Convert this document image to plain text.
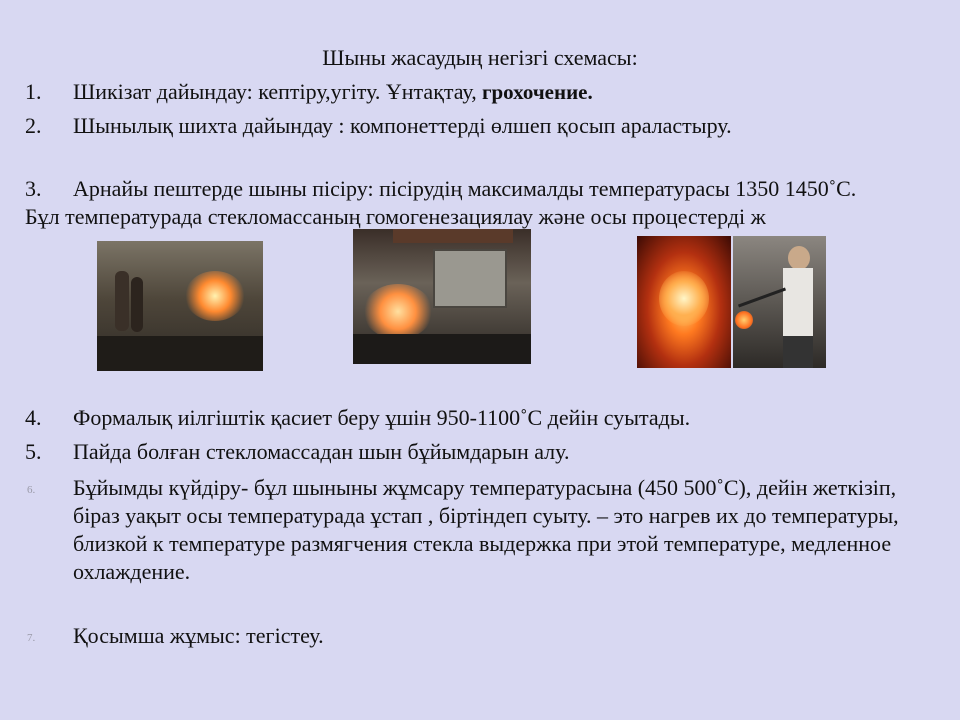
Шыны жасаудың негізгі схемасы:
1. Шикізат дайындау: кептіру,угіту. Ұнтақтау, грохочение.
2.	Шынылық шихта дайындау : компонеттерді өлшеп қосып араластыру.
3.	Арнайы пештерде шыны пісіру: пісірудің максималды температурасы 1350 1450˚С. Бұл температурада стекломассаның гомогенезациялау және осы процестерді ж
4. Формалық иілгіштік қасиет беру ұшін 950-1100˚С дейін суытады.
5. Пайда болған стекломассадан шын бұйымдарын алу.
6. Бұйымды күйдіру- бұл шыныны жұмсару температурасына (450 500˚С), дейін жеткізіп, біраз уақыт осы температурада ұстап , біртіндеп суыту. – это нагрев их до температуры, близкой к температуре размягчения стекла выдержка при этой температуре, медленное охлаждение.
7. Қосымша жұмыс: тегістеу.
